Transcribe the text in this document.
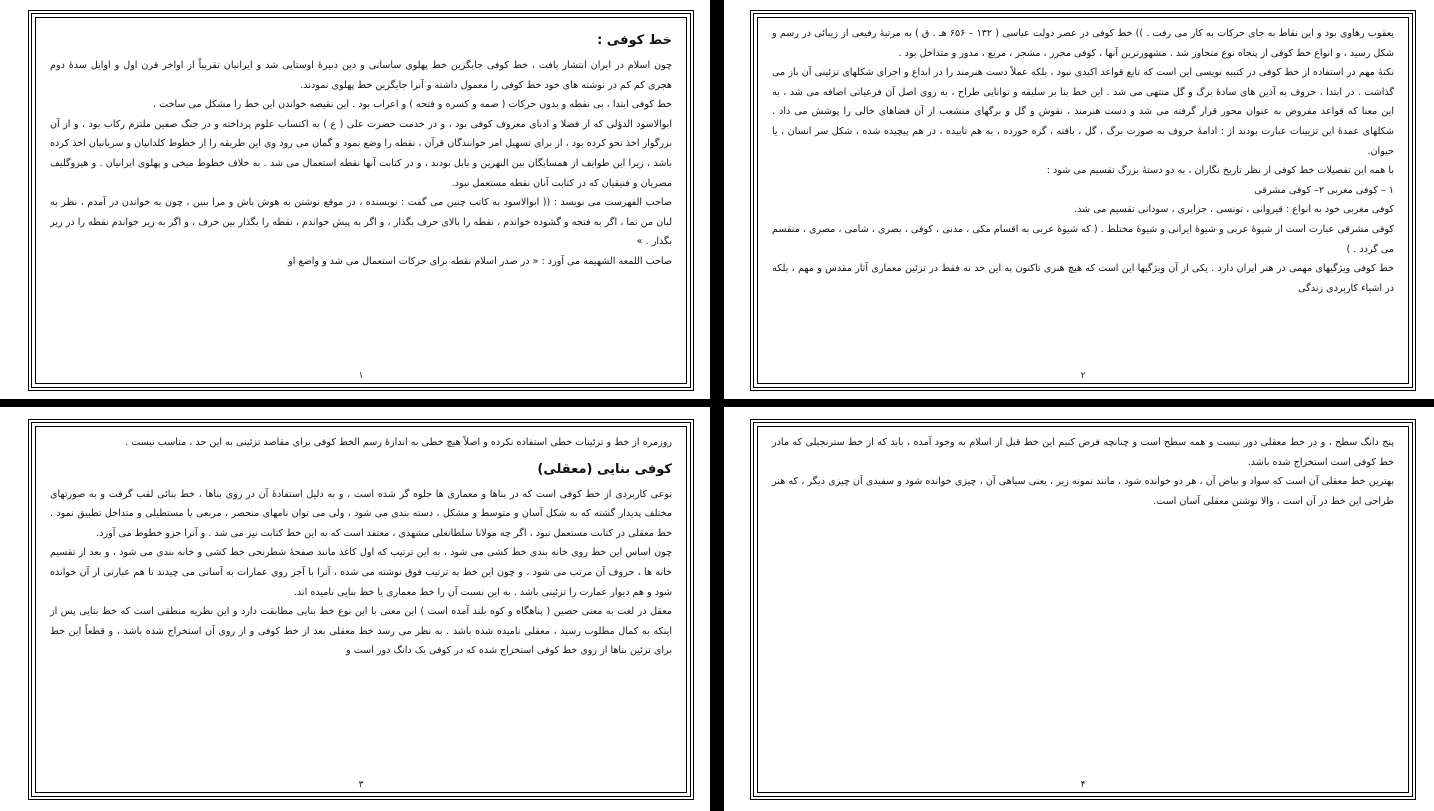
خط کوفی :

چون اسلام در ایران انتشار یافت ، خط کوفی جایگزین خط پهلوی ساسانی و دین دبیرهٔ اوستایی شد و ایرانیان تقریباً از اواخر قرن اول و اوایل سدهٔ دوم هجری کم کم در نوشته های خود خط کوفی را معمول داشته و آنرا جایگزین خط پهلوی نمودند.

خط کوفی ابتدا ، بی نقطه و بدون حرکات ( ضمه و کسره و فتحه ) و اعراب بود . این نقیصه خواندن این خط را مشکل می ساخت .

ابوالاسود الدؤلی که از فضلا و ادبای معروف کوفی بود ، و در خدمت حضرت علی ( ع ) به اکتساب علوم پرداخته و در جنگ صفین ملتزم رکاب بود ، و از آن بزرگوار اخذ نحو کرده بود ، از برای تسهیل امر خوانندگان قرآن ، نقطه را وضع نمود و گمان می رود وی این طریقه را از خطوط کلدانیان و سریانیان اخذ کرده باشد ، زیرا این طوایف از همسایگان بین النهرین و بابل بودند ، و در کتابت آنها نقطه استعمال می شد . به خلاف خطوط میخی و پهلوی ایرانیان . و هیروگلیف مصریان و فنیقیان که در کتابت آنان نقطه مستعمل نبود.

صاحب الفهرست می نویسد : (( ابوالاسود به کاتب چنین می گفت : نویسنده ، در موقع نوشتن به هوش باش و مرا ببین ، چون به خواندن در آمدم ، نظر به لبان من نما ، اگر به فتحه و گشوده خواندم ، نقطه را بالای حرف بگذار ، و اگر به پیش خواندم ، نقطه را بگذار بین حرف ، و اگر به زیر خواندم نقطه را در زیر بگذار . »

صاحب اللمعه الشهیمه می آورد : « در صدر اسلام نقطه برای حرکات استعمال می شد و واضع او

۱

یعقوب رهاوی بود و این نقاط به جای حرکات به کار می رفت . )) خط کوفی در عصر دولت عباسی ( ۱۳۲ – ۶۵۶ هـ . ق ) به مرتبهٔ رفیعی از زیبائی در رسم و شکل رسید ، و انواع خط کوفی از پنجاه نوع متجاوز شد . مشهورترین آنها ، کوفی محرر ، مشجر ، مربع ، مدور و متداخل بود .

نکتهٔ مهم در استفاده از خط کوفی در کتیبه نویسی این است که تابع قواعد اکیدی نبود ، بلکه عملاً دست هنرمند را در ابداع و اجرای شکلهای تزئینی آن باز می گذاشت . در ابتدا ، حروف به آذین های سادهٔ برگ و گل منتهی می شد . این خط بنا بر سلیقه و توانایی طراح ، به روی اصل آن فرعیاتی اضافه می شد ، به این معنا که قواعد مفروض به عنوان محور قرار گرفته می شد و دست هنرمند ، نقوش و گل و برگهای منشعب از آن فضاهای خالی را پوشش می داد . شکلهای عمدهٔ این تزیینات عبارت بودند از : ادامهٔ حروف به صورت برگ ، گل ، بافته ، گره خورده ، به هم تابیده ، در هم پیچیده شده ، شکل سر انسان ، یا حیوان.

با همه این تفصیلات خط کوفی از نظر تاریخ نگاران ، به دو دستهٔ بزرگ تقسیم می شود :

۱ – کوفی مغربی ۲– کوفی مشرقی

کوفی مغربی خود به انواع : قیروانی ، تونسی ، جزایری ، سودانی تقسیم می شد.

کوفی مشرقی عبارت است از شیوهٔ عربی و شیوهٔ ایرانی و شیوهٔ مختلط . ( که شیوهٔ عربی به اقسام مکی ، مدنی ، کوفی ، بصری ، شامی ، مصری ، منقسم می گردد . )

خط کوفی ویژگیهای مهمی در هنر ایران دارد . یکی از آن ویژگیها این است که هیچ هنری تاکنون به این حد نه فقط در تزئین معماری آثار مقدس و مهم ، بلکه در اشیاء کاربردی زندگی

۲

روزمره از خط و تزئینات خطی استفاده نکرده و اصلاً هیچ خطی به اندازهٔ رسم الخط کوفی برای مقاصد تزئینی به این حد ، مناسب نیست .

کوفی بنایی (معقلی)

نوعی کاربردی از خط کوفی است که در بناها و معماری ها جلوه گر شده است ، و به دلیل استفادهٔ آن در روی بناها ، خط بنائی لقب گرفت و به صورتهای مختلف پدیدار گشته که به شکل آسان و متوسط و مشکل ، دسته بندی می شود ، ولی می توان نامهای منحصر ، مربعی یا مستطیلی و متداخل تطبیق نمود . خط معقلی در کتابت مستعمل نبود ، اگر چه مولانا سلطانعلی مشهدی ، معتقد است که به این خط کتابت نیز می شد . و آنرا جزو خطوط می آورد.

چون اساس این خط روی خانه بندی خط کشی می شود ، به این ترتیب که اول کاغذ مانند صفحهٔ شطرنجی خط کشی و خانه بندی می شود ، و بعد از تقسیم خانه ها ، حروف آن مرتب می شود ، و چون این خط به ترتیب فوق نوشته می شده ، آنرا با آجر روی عمارات به آسانی می چیدند تا هم عبارتی از آن خوانده شود و هم دیوار عمارت را تزئینی باشد . به این نسبت آن را خط معماری یا خط بنایی نامیده اند.

معقل در لغت به معنی حصین ( پناهگاه و کوه بلند آمده است ) این معنی با این نوع خط بنایی مطابقت دارد و این نظریه منطقی است که خط بنایی پس از اینکه به کمال مطلوب رسید ، معقلی نامیده شده باشد . به نظر می رسد خط معقلی بعد از خط کوفی و از روی آن استخراج شده باشد ، و قطعاً این خط برای تزئین بناها از روی خط کوفی استخراج شده که در کوفی یک دانگ دور است و

۳

پنج دانگ سطح ، و در خط معقلی دور نیست و همه سطح است و چنانچه فرض کنیم این خط قبل از اسلام به وجود آمده ، باید که از خط سترنجیلی که مادر خط کوفی است استخراج شده باشد.

بهترین خط معقلی آن است که سواد و بیاض آن ، هر دو خوانده شود ، مانند نمونه زیر ، یعنی سیاهی آن ، چیزی خوانده شود و سفیدی آن چیزی دیگر ، که هنر طراحی این خط در آن است ، والا نوشتن معقلی آسان است.

۴
